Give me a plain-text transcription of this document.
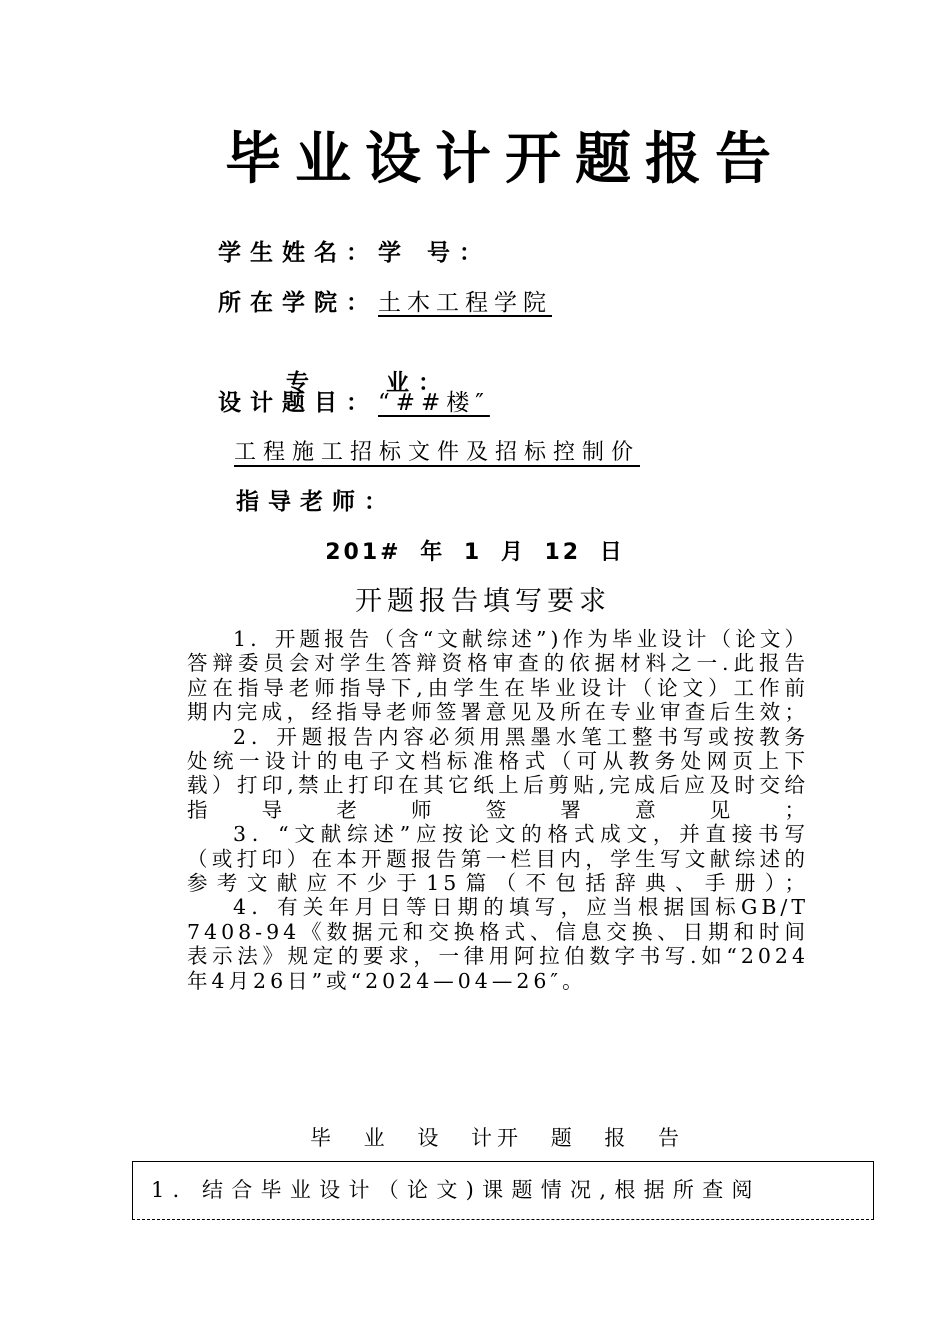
毕业设计开题报告
学生姓名：学 号：
所在学院：土木工程学院

专    业：

设计题目：“##楼″
工程施工招标文件及招标控制价
指导老师：
201# 年 1 月 12 日
开题报告填写要求

1．开题报告（含“文献综述”)作为毕业设计（论文）答辩委员会对学生答辩资格审查的依据材料之一.此报告应在指导老师指导下,由学生在毕业设计（论文）工作前期内完成，经指导老师签署意见及所在专业审查后生效；

2．开题报告内容必须用黑墨水笔工整书写或按教务处统一设计的电子文档标准格式（可从教务处网页上下载）打印,禁止打印在其它纸上后剪贴,完成后应及时交给指导老师签署意见；

3．“文献综述”应按论文的格式成文，并直接书写（或打印）在本开题报告第一栏目内，学生写文献综述的参考文献应不少于15篇（不包括辞典、手册）；

4．有关年月日等日期的填写，应当根据国标GB/T 7408-94《数据元和交换格式、信息交换、日期和时间表示法》规定的要求，一律用阿拉伯数字书写.如“2024年4月26日”或“2024—04—26″。

毕 业 设 计开 题 报 告
1．结合毕业设计（论文)课题情况,根据所查阅
